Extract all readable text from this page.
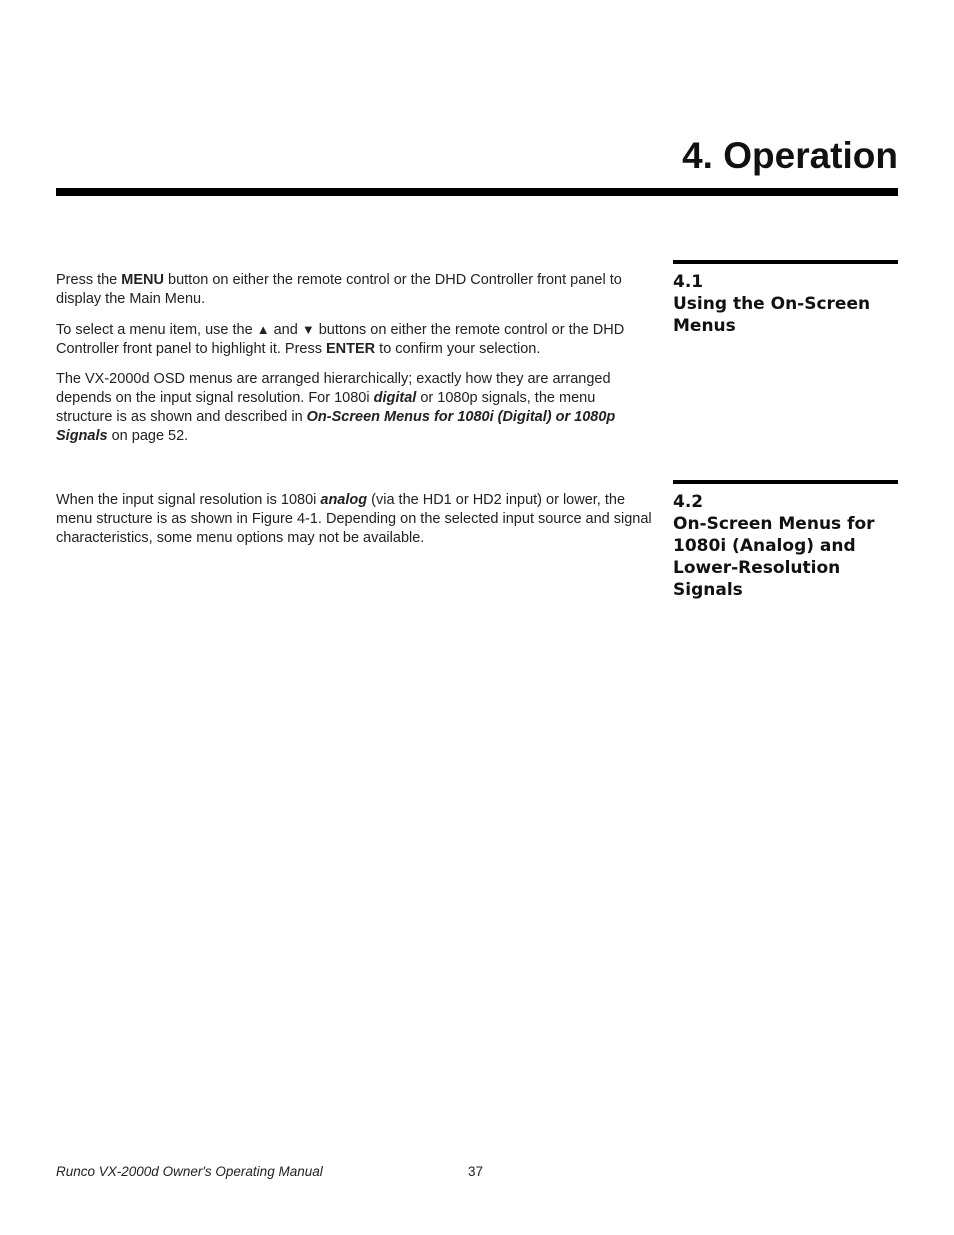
4. Operation
4.1
Using the On-Screen Menus

Press the MENU button on either the remote control or the DHD Controller front panel to display the Main Menu.

To select a menu item, use the ▲ and ▼ buttons on either the remote control or the DHD Controller front panel to highlight it. Press ENTER to confirm your selection.

The VX-2000d OSD menus are arranged hierarchically; exactly how they are arranged depends on the input signal resolution. For 1080i digital or 1080p signals, the menu structure is as shown and described in On-Screen Menus for 1080i (Digital) or 1080p Signals on page 52.

4.2
On-Screen Menus for 1080i (Analog) and Lower-Resolution Signals

When the input signal resolution is 1080i analog (via the HD1 or HD2 input) or lower, the menu structure is as shown in Figure 4-1. Depending on the selected input source and signal characteristics, some menu options may not be available.

Runco VX-2000d Owner's Operating Manual	37
